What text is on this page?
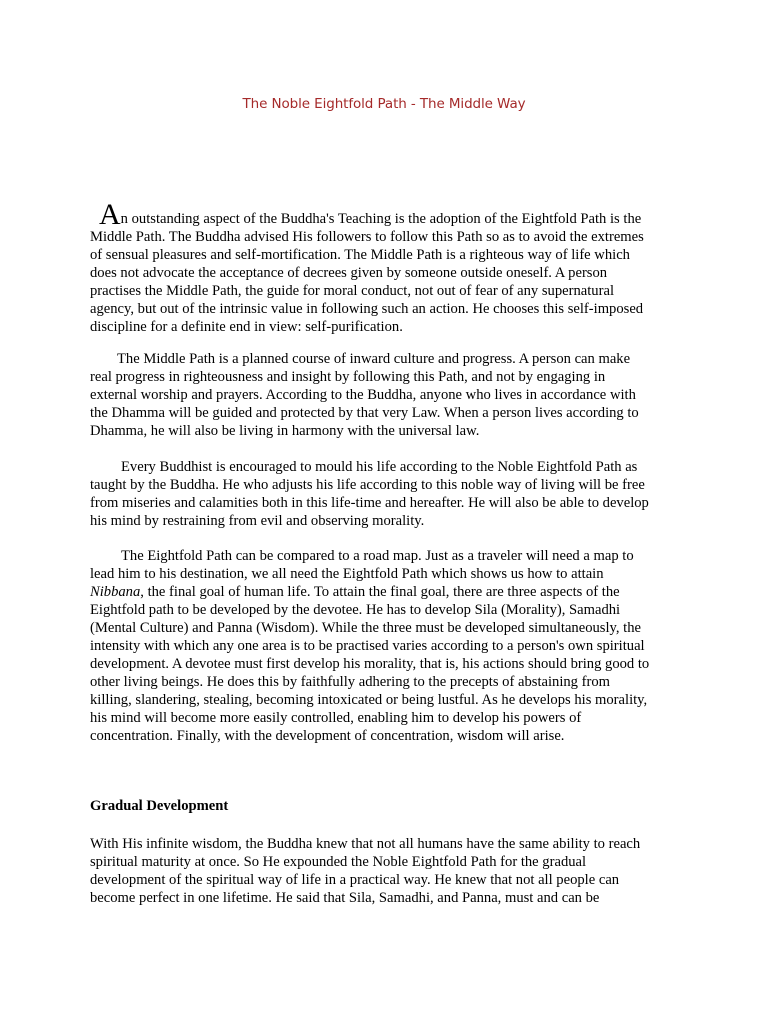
The Noble Eightfold Path - The Middle Way

An outstanding aspect of the Buddha's Teaching is the adoption of the Eightfold Path is the Middle Path. The Buddha advised His followers to follow this Path so as to avoid the extremes of sensual pleasures and self-mortification. The Middle Path is a righteous way of life which does not advocate the acceptance of decrees given by someone outside oneself. A person practises the Middle Path, the guide for moral conduct, not out of fear of any supernatural agency, but out of the intrinsic value in following such an action. He chooses this self-imposed discipline for a definite end in view: self-purification.

The Middle Path is a planned course of inward culture and progress. A person can make real progress in righteousness and insight by following this Path, and not by engaging in external worship and prayers. According to the Buddha, anyone who lives in accordance with the Dhamma will be guided and protected by that very Law. When a person lives according to Dhamma, he will also be living in harmony with the universal law.

Every Buddhist is encouraged to mould his life according to the Noble Eightfold Path as taught by the Buddha. He who adjusts his life according to this noble way of living will be free from miseries and calamities both in this life-time and hereafter. He will also be able to develop his mind by restraining from evil and observing morality.

The Eightfold Path can be compared to a road map. Just as a traveler will need a map to lead him to his destination, we all need the Eightfold Path which shows us how to attain Nibbana, the final goal of human life. To attain the final goal, there are three aspects of the Eightfold path to be developed by the devotee. He has to develop Sila (Morality), Samadhi (Mental Culture) and Panna (Wisdom). While the three must be developed simultaneously, the intensity with which any one area is to be practised varies according to a person's own spiritual development. A devotee must first develop his morality, that is, his actions should bring good to other living beings. He does this by faithfully adhering to the precepts of abstaining from killing, slandering, stealing, becoming intoxicated or being lustful. As he develops his morality, his mind will become more easily controlled, enabling him to develop his powers of concentration. Finally, with the development of concentration, wisdom will arise.

Gradual Development

With His infinite wisdom, the Buddha knew that not all humans have the same ability to reach spiritual maturity at once. So He expounded the Noble Eightfold Path for the gradual development of the spiritual way of life in a practical way. He knew that not all people can become perfect in one lifetime. He said that Sila, Samadhi, and Panna, must and can be
